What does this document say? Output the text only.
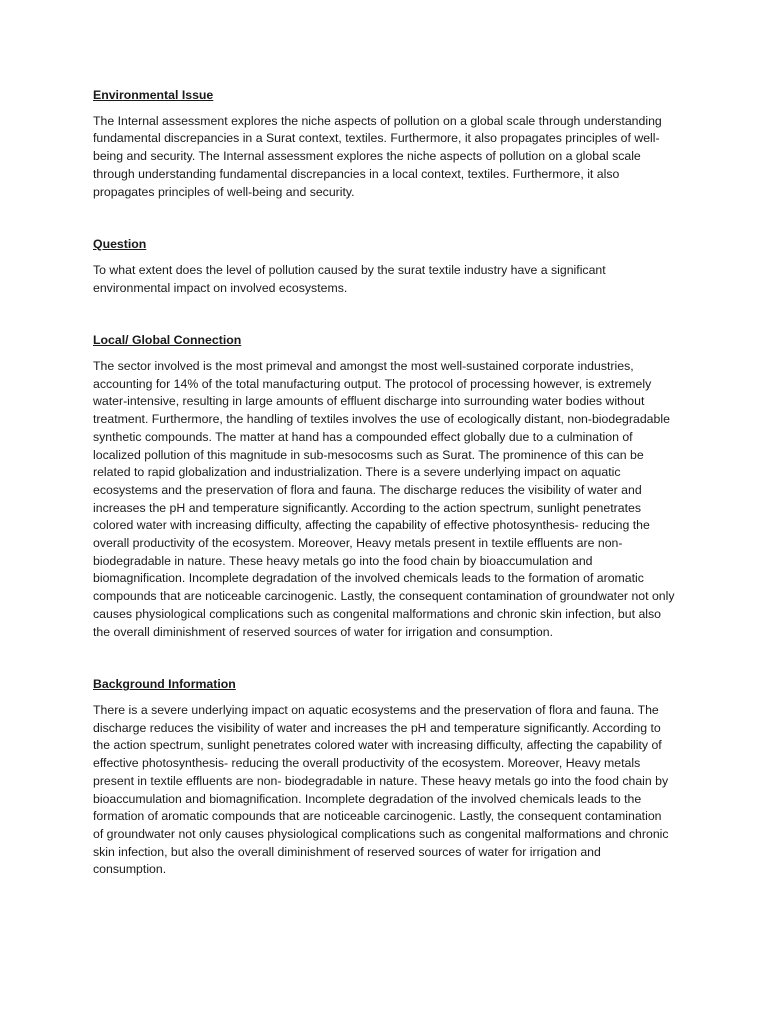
Environmental Issue

The Internal assessment explores the niche aspects of pollution on a global scale through understanding fundamental discrepancies in a Surat context, textiles. Furthermore, it also propagates principles of well-being and security. The Internal assessment explores the niche aspects of pollution on a global scale through understanding fundamental discrepancies in a local context, textiles. Furthermore, it also propagates principles of well-being and security.

Question

To what extent does the level of pollution caused by the surat textile industry have a significant environmental impact on involved ecosystems.

Local/ Global Connection

The sector involved is the most primeval and amongst the most well-sustained corporate industries, accounting for 14% of the total manufacturing output. The protocol of processing however, is extremely water-intensive, resulting in large amounts of effluent discharge into surrounding water bodies without treatment. Furthermore, the handling of textiles involves the use of ecologically distant, non-biodegradable synthetic compounds. The matter at hand has a compounded effect globally due to a culmination of localized pollution of this magnitude in sub-mesocosms such as Surat. The prominence of this can be related to rapid globalization and industrialization. There is a severe underlying impact on aquatic ecosystems and the preservation of flora and fauna. The discharge reduces the visibility of water and increases the pH and temperature significantly. According to the action spectrum, sunlight penetrates colored water with increasing difficulty, affecting the capability of effective photosynthesis- reducing the overall productivity of the ecosystem. Moreover, Heavy metals present in textile effluents are non-biodegradable in nature. These heavy metals go into the food chain by bioaccumulation and biomagnification. Incomplete degradation of the involved chemicals leads to the formation of aromatic compounds that are noticeable carcinogenic. Lastly, the consequent contamination of groundwater not only causes physiological complications such as congenital malformations and chronic skin infection, but also the overall diminishment of reserved sources of water for irrigation and consumption.

Background Information

There is a severe underlying impact on aquatic ecosystems and the preservation of flora and fauna. The discharge reduces the visibility of water and increases the pH and temperature significantly. According to the action spectrum, sunlight penetrates colored water with increasing difficulty, affecting the capability of effective photosynthesis- reducing the overall productivity of the ecosystem. Moreover, Heavy metals present in textile effluents are non- biodegradable in nature. These heavy metals go into the food chain by bioaccumulation and biomagnification. Incomplete degradation of the involved chemicals leads to the formation of aromatic compounds that are noticeable carcinogenic. Lastly, the consequent contamination of groundwater not only causes physiological complications such as congenital malformations and chronic skin infection, but also the overall diminishment of reserved sources of water for irrigation and consumption.
